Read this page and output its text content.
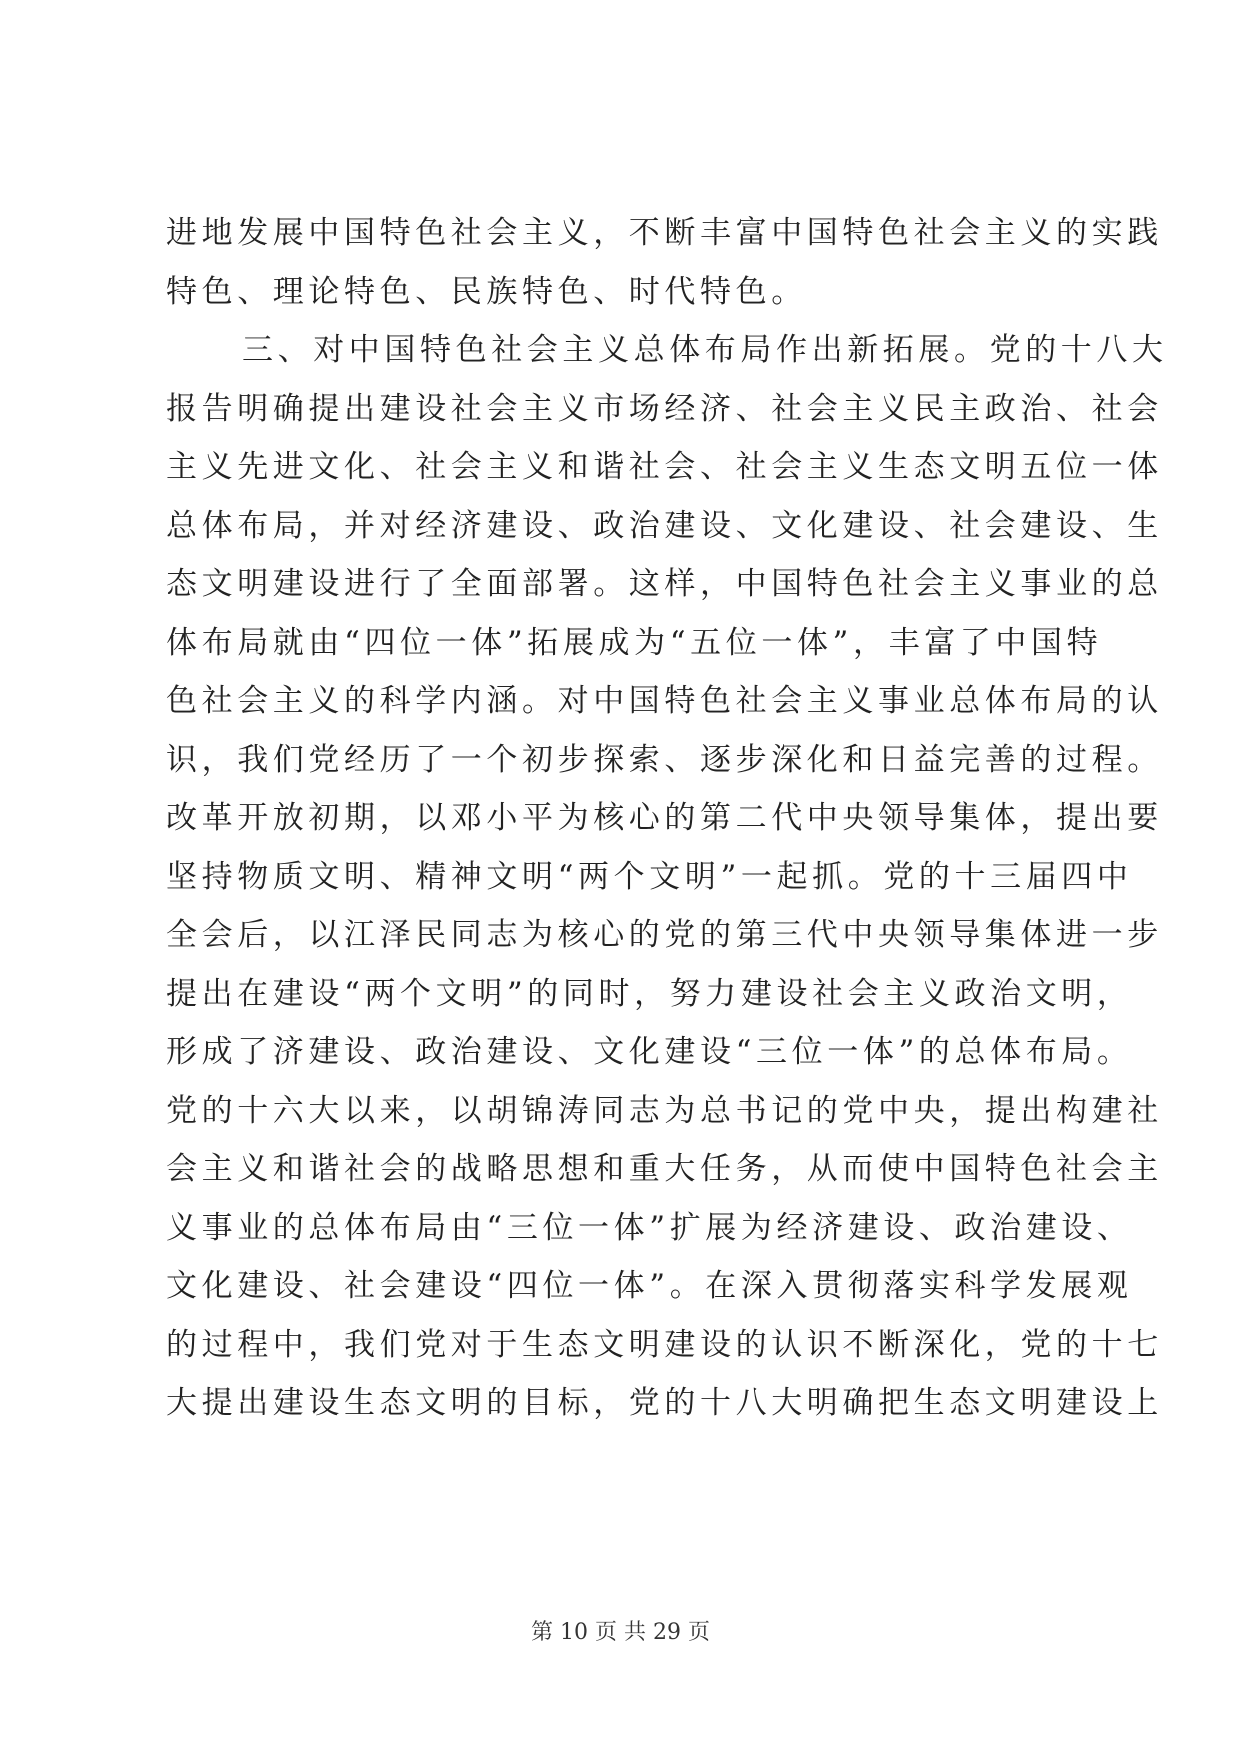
进地发展中国特色社会主义，不断丰富中国特色社会主义的实践
特色、理论特色、民族特色、时代特色。
三、对中国特色社会主义总体布局作出新拓展。党的十八大
报告明确提出建设社会主义市场经济、社会主义民主政治、社会
主义先进文化、社会主义和谐社会、社会主义生态文明五位一体
总体布局，并对经济建设、政治建设、文化建设、社会建设、生
态文明建设进行了全面部署。这样，中国特色社会主义事业的总
体布局就由“四位一体”拓展成为“五位一体”，丰富了中国特
色社会主义的科学内涵。对中国特色社会主义事业总体布局的认
识，我们党经历了一个初步探索、逐步深化和日益完善的过程。
改革开放初期，以邓小平为核心的第二代中央领导集体，提出要
坚持物质文明、精神文明“两个文明”一起抓。党的十三届四中
全会后，以江泽民同志为核心的党的第三代中央领导集体进一步
提出在建设“两个文明”的同时，努力建设社会主义政治文明，
形成了济建设、政治建设、文化建设“三位一体”的总体布局。
党的十六大以来，以胡锦涛同志为总书记的党中央，提出构建社
会主义和谐社会的战略思想和重大任务，从而使中国特色社会主
义事业的总体布局由“三位一体”扩展为经济建设、政治建设、
文化建设、社会建设“四位一体”。在深入贯彻落实科学发展观
的过程中，我们党对于生态文明建设的认识不断深化，党的十七
大提出建设生态文明的目标，党的十八大明确把生态文明建设上
第 10 页 共 29 页
